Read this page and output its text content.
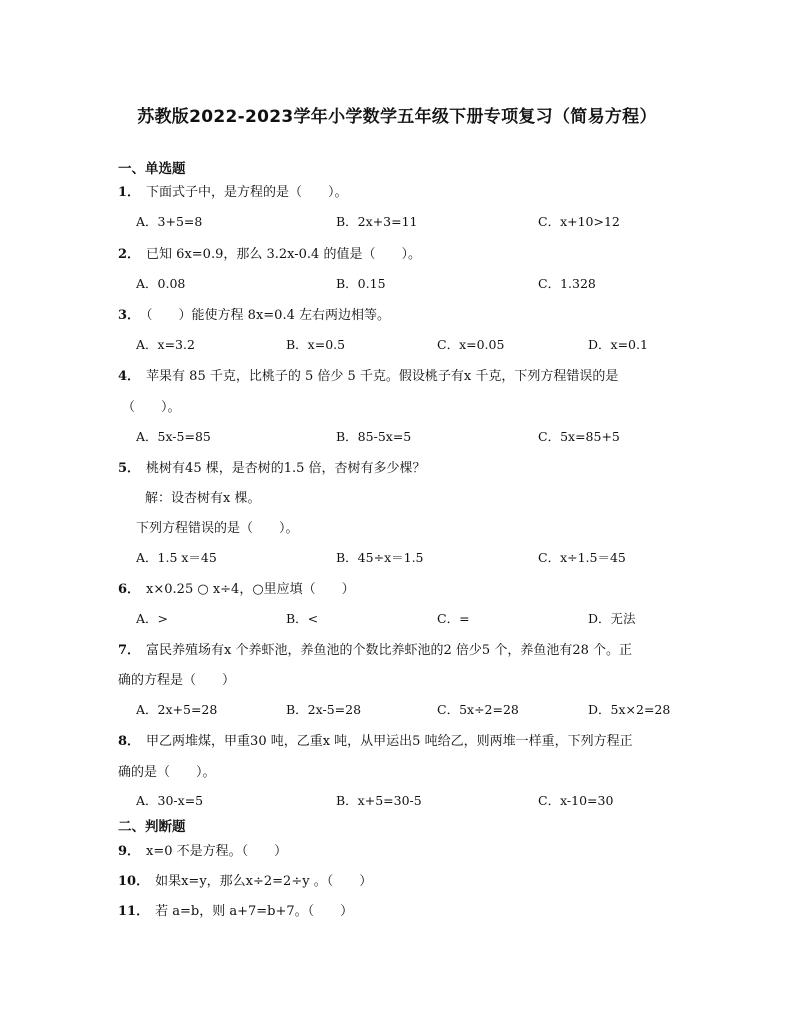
苏教版2022-2023学年小学数学五年级下册专项复习（简易方程）
一、单选题
1． 下面式子中，是方程的是（　　）。
A．3+5=8	B．2x+3=11	C．x+10>12
2． 已知 6x=0.9，那么 3.2x-0.4 的值是（　　）。
A．0.08	B．0.15	C．1.328
3． （　　）能使方程 8x=0.4 左右两边相等。
A．x=3.2	B．x=0.5	C．x=0.05	D．x=0.1
4． 苹果有 85 千克，比桃子的 5 倍少 5 千克。假设桃子有x 千克，下列方程错误的是
（　　）。
A．5x-5=85	B．85-5x=5	C．5x=85+5
5． 桃树有45 棵，是杏树的1.5 倍，杏树有多少棵？
解：设杏树有x 棵。
下列方程错误的是（　　）。
A．1.5 x＝45	B．45÷x＝1.5	C．x÷1.5＝45
6． x×0.25 ○ x÷4，○里应填（　　）
A．>	B．<	C．=	D．无法
7． 富民养殖场有x 个养虾池，养鱼池的个数比养虾池的2 倍少5 个，养鱼池有28 个。正
确的方程是（　　）
A．2x+5=28	B．2x-5=28	C．5x÷2=28	D．5x×2=28
8． 甲乙两堆煤，甲重30 吨，乙重x 吨，从甲运出5 吨给乙，则两堆一样重，下列方程正
确的是（　　）。
A．30-x=5	B．x+5=30-5	C．x-10=30
二、判断题
9． x=0 不是方程。（　　）
10． 如果x=y，那么x÷2=2÷y 。（　　）
11． 若 a=b，则 a+7=b+7。（　　）
